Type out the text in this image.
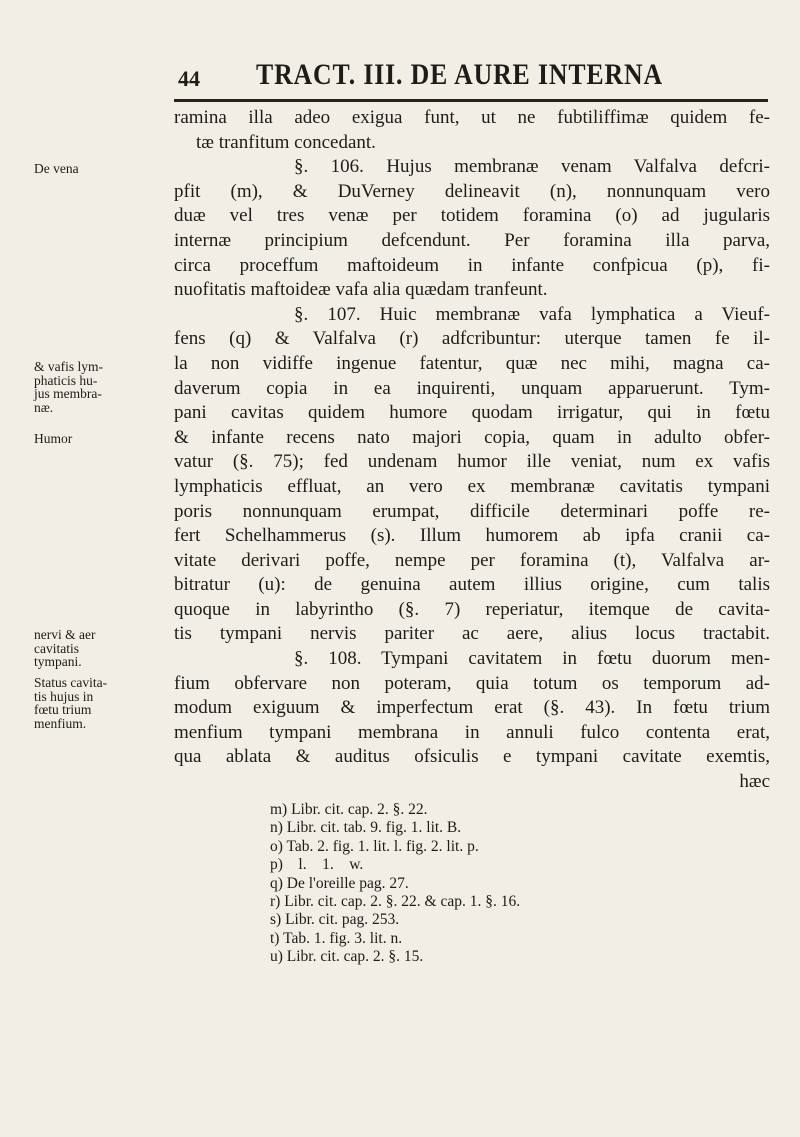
44 TRACT. III. DE AURE INTERNA
ramina illa adeo exigua funt, ut ne fubtiliffimæ quidem fe-
tæ tranfitum concedant.
§. 106. Hujus membranæ venam Valfalva defcri-
pfit (m), & DuVerney delineavit (n), nonnunquam vero
duæ vel tres venæ per totidem foramina (o) ad jugularis
internæ principium defcendunt. Per foramina illa parva,
circa proceffum maftoideum in infante confpicua (p), fi-
nuofitatis maftoideæ vafa alia quædam tranfeunt.
§. 107. Huic membranæ vafa lymphatica a Vieuf-
fens (q) & Valfalva (r) adfcribuntur: uterque tamen fe il-
la non vidiffe ingenue fatentur, quæ nec mihi, magna ca-
daverum copia in ea inquirenti, unquam apparuerunt. Tym-
pani cavitas quidem humore quodam irrigatur, qui in fœtu
& infante recens nato majori copia, quam in adulto obfer-
vatur (§. 75); fed undenam humor ille veniat, num ex vafis
lymphaticis effluat, an vero ex membranæ cavitatis tympani
poris nonnunquam erumpat, difficile determinari poffe re-
fert Schelhammerus (s). Illum humorem ab ipfa cranii ca-
vitate derivari poffe, nempe per foramina (t), Valfalva ar-
bitratur (u): de genuina autem illius origine, cum talis
quoque in labyrintho (§. 7) reperiatur, itemque de cavita-
tis tympani nervis pariter ac aere, alius locus tractabit.
§. 108. Tympani cavitatem in fœtu duorum men-
fium obfervare non poteram, quia totum os temporum ad-
modum exiguum & imperfectum erat (§. 43). In fœtu trium
menfium tympani membrana in annuli fulco contenta erat,
qua ablata & auditus ofsiculis e tympani cavitate exemtis,
hæc
De vena
& vafis lym-
phaticis hu-
jus membra-
næ.
Humor
nervi & aer
cavitatis
tympani.
Status cavita-
tis hujus in
fœtu trium
menfium.
m) Libr. cit. cap. 2. §. 22.
n) Libr. cit. tab. 9. fig. 1. lit. B.
o) Tab. 2. fig. 1. lit. l. fig. 2. lit. p.
p)    l.    1.    w.
q) De l'oreille pag. 27.
r) Libr. cit. cap. 2. §. 22. & cap. 1. §. 16.
s) Libr. cit. pag. 253.
t) Tab. 1. fig. 3. lit. n.
u) Libr. cit. cap. 2. §. 15.
